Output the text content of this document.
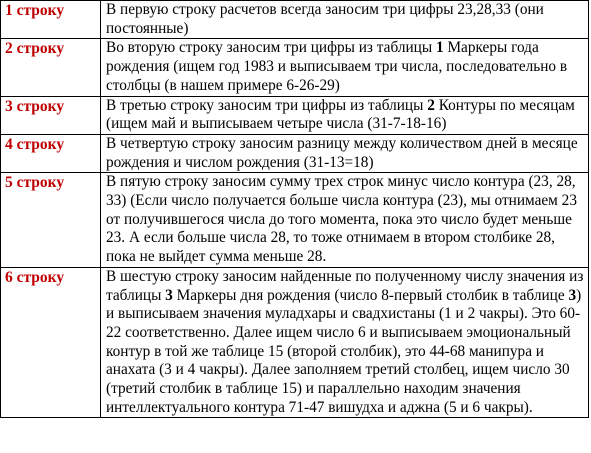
1 строку	В первую строку расчетов всегда заносим три цифры 23,28,33 (они постоянные)
2 строку	Во вторую строку заносим три цифры из таблицы 1 Маркеры года рождения (ищем год 1983 и выписываем три числа, последовательно в столбцы (в нашем примере 6-26-29)
3 строку	В третью строку заносим три цифры из таблицы 2 Контуры по месяцам (ищем май и выписываем четыре числа (31-7-18-16)
4 строку	В четвертую строку заносим разницу между количеством дней в месяце рождения и числом рождения (31-13=18)
5 строку	В пятую строку заносим сумму трех строк минус число контура (23, 28, 33) (Если число получается больше числа контура (23), мы отнимаем 23 от получившегося числа до того момента, пока это число будет меньше 23. А если больше числа 28, то тоже отнимаем в втором столбике 28, пока не выйдет сумма меньше 28.
6 строку	В шестую строку заносим найденные по полученному числу значения из таблицы 3 Маркеры дня рождения (число 8-первый столбик в таблице 3) и выписываем значения муладхары и свадхистаны (1 и 2 чакры). Это 60-22 соответственно. Далее ищем число 6 и выписываем эмоциональный контур в той же таблице 15 (второй столбик), это 44-68 манипура и анахата (3 и 4 чакры). Далее заполняем третий столбец, ищем число 30 (третий столбик в таблице 15) и параллельно находим значения интеллектуального контура 71-47 вишудха и аджна (5 и 6 чакры).
